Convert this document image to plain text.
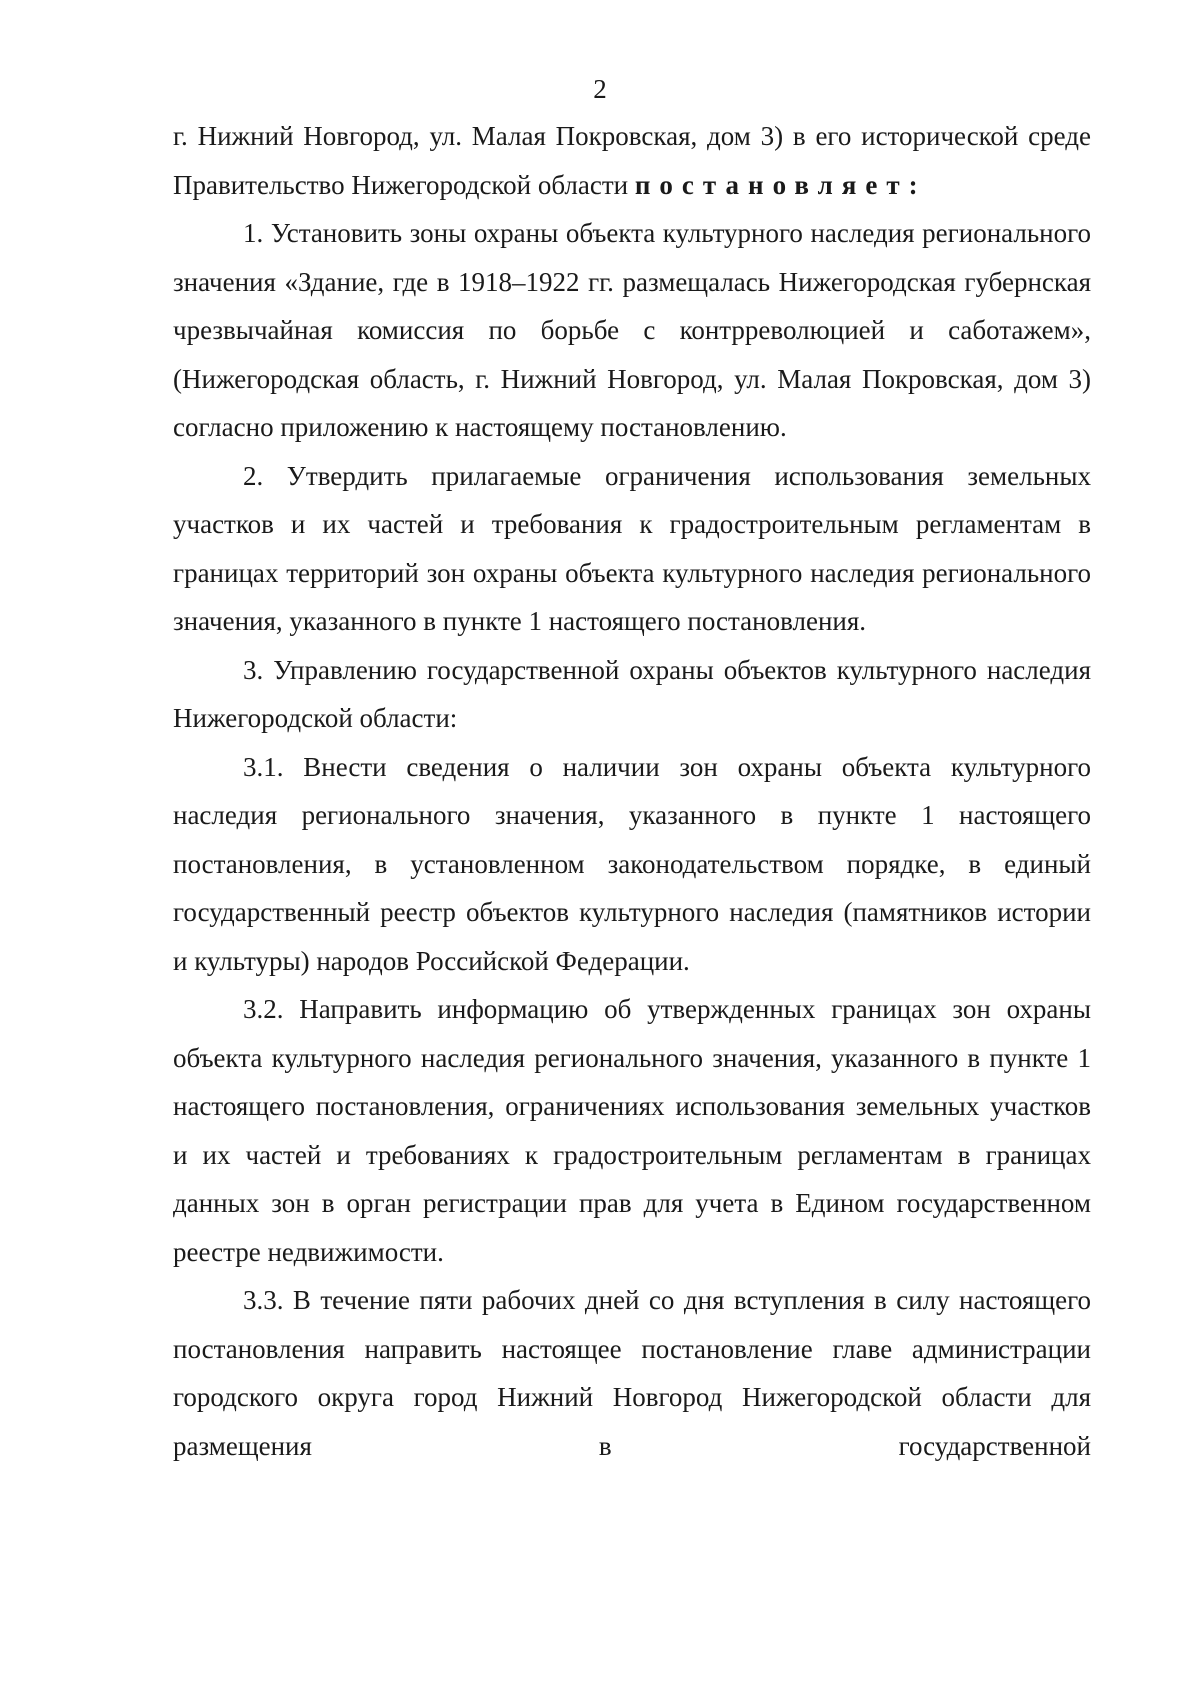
2

г. Нижний Новгород, ул. Малая Покровская, дом 3) в его исторической среде Правительство Нижегородской области постановляет:

1. Установить зоны охраны объекта культурного наследия регионального значения «Здание, где в 1918–1922 гг. размещалась Нижегородская губернская чрезвычайная комиссия по борьбе с контрреволюцией и саботажем», (Нижегородская область, г. Нижний Новгород, ул. Малая Покровская, дом 3) согласно приложению к настоящему постановлению.

2. Утвердить прилагаемые ограничения использования земельных участков и их частей и требования к градостроительным регламентам в границах территорий зон охраны объекта культурного наследия регионального значения, указанного в пункте 1 настоящего постановления.

3. Управлению государственной охраны объектов культурного наследия Нижегородской области:

3.1. Внести сведения о наличии зон охраны объекта культурного наследия регионального значения, указанного в пункте 1 настоящего постановления, в установленном законодательством порядке, в единый государственный реестр объектов культурного наследия (памятников истории и культуры) народов Российской Федерации.

3.2. Направить информацию об утвержденных границах зон охраны объекта культурного наследия регионального значения, указанного в пункте 1 настоящего постановления, ограничениях использования земельных участков и их частей и требованиях к градостроительным регламентам в границах данных зон в орган регистрации прав для учета в Едином государственном реестре недвижимости.

3.3. В течение пяти рабочих дней со дня вступления в силу настоящего постановления направить настоящее постановление главе администрации городского округа город Нижний Новгород Нижегородской области для размещения в государственной
